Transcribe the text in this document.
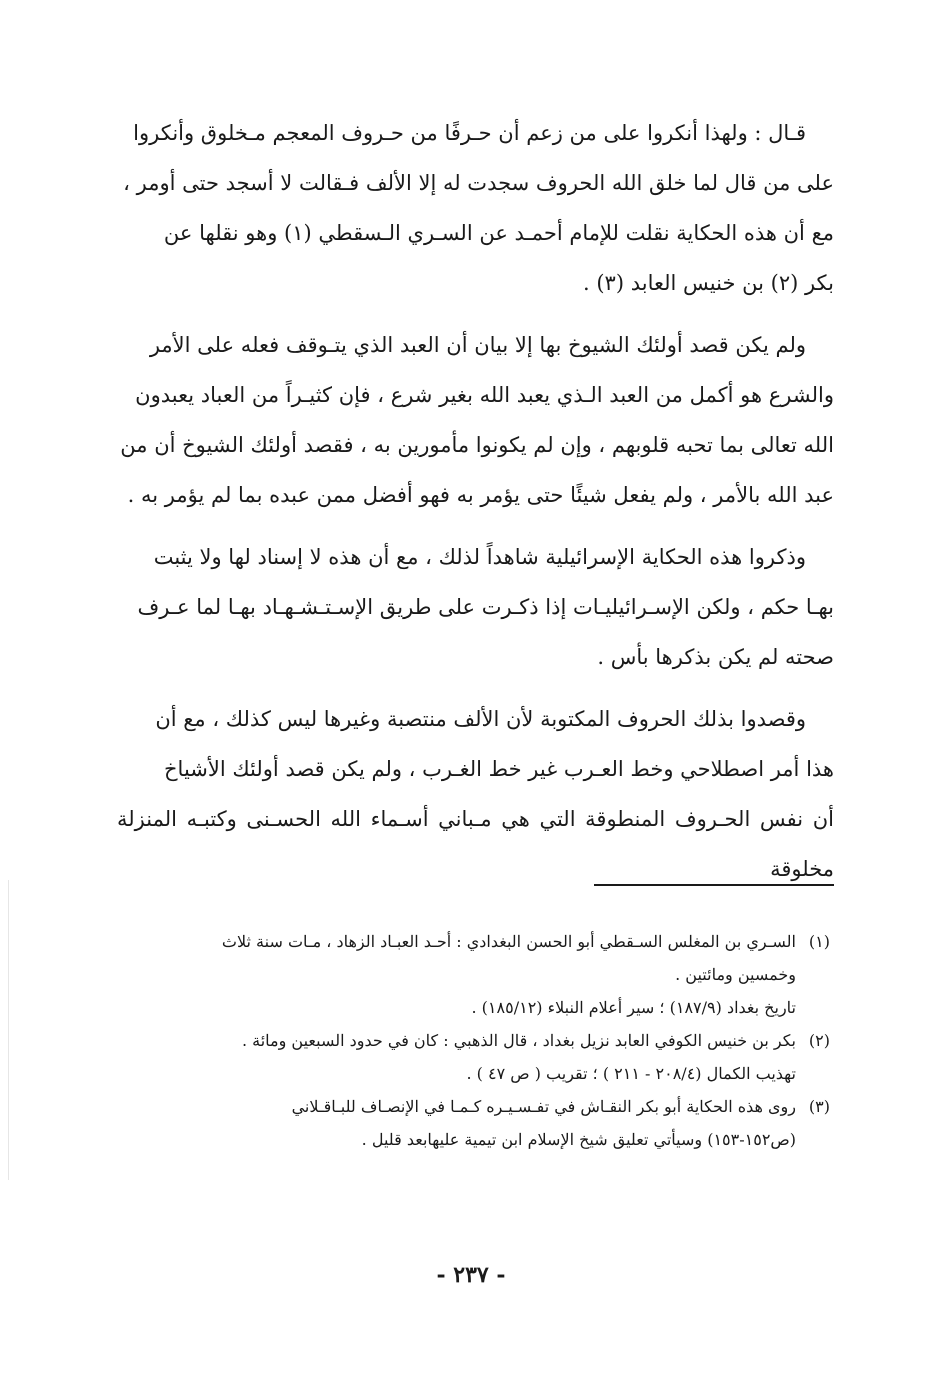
قـال : ولهذا أنكروا على من زعم أن حـرفًا من حـروف المعجم مـخلوق وأنكروا

على من قال لما خلق الله الحروف سجدت له إلا الألف فـقالت لا أسجد حتى أومر ،

مع أن هذه الحكاية نقلت للإمام أحمـد عن السـري الـسقطي (١) وهو نقلها عن

بكر (٢) بن خنيس العابد (٣) .

ولم يكن قصد أولئك الشيوخ بها إلا بيان أن العبد الذي يتـوقف فعله على الأمر

والشرع هو أكمل من العبد الـذي يعبد الله بغير شرع ، فإن كثيـراً من العباد يعبدون

الله تعالى بما تحبه قلوبهم ، وإن لم يكونوا مأمورين به ، فقصد أولئك الشيوخ أن من

عبد الله بالأمر ، ولم يفعل شيئًا حتى يؤمر به فهو أفضل ممن عبده بما لم يؤمر به .

وذكروا هذه الحكاية الإسرائيلية شاهداً لذلك ، مع أن هذه لا إسناد لها ولا يثبت

بهـا حكم ، ولكن الإسـرائيليـات إذا ذكـرت على طريق الإسـتـشـهـاد بهـا لما عـرف

صحته لم يكن بذكرها بأس .

وقصدوا بذلك الحروف المكتوبة لأن الألف منتصبة وغيرها ليس كذلك ، مع أن

هذا أمر اصطلاحي وخط العـرب غير خط الغـرب ، ولم يكن قصد أولئك الأشياخ

أن نفس الحـروف المنطوقة التي هي مـباني أسـماء الله الحسـنى وكتبـه المنزلة مخلوقة

(١)السـري بن المغلس السـقطي أبو الحسن البغدادي : أحـد العبـاد الزهاد ، مـات سنة ثلاث

وخمسين ومائتين .

تاريخ بغداد (١٨٧/٩) ؛ سير أعلام النبلاء (١٨٥/١٢) .

(٢)بكر بن خنيس الكوفي العابد نزيل بغداد ، قال الذهبي : كان في حدود السبعين ومائة .

تهذيب الكمال (٢٠٨/٤ - ٢١١ ) ؛ تقريب ( ص ٤٧ ) .

(٣)روى هذه الحكاية أبو بكر النقـاش في تفـسـيـره كـمـا في الإنصـاف للبـاقـلاني

(ص١٥٢-١٥٣) وسيأتي تعليق شيخ الإسلام ابن تيمية عليهابعد قليل .

- ٢٣٧ -
